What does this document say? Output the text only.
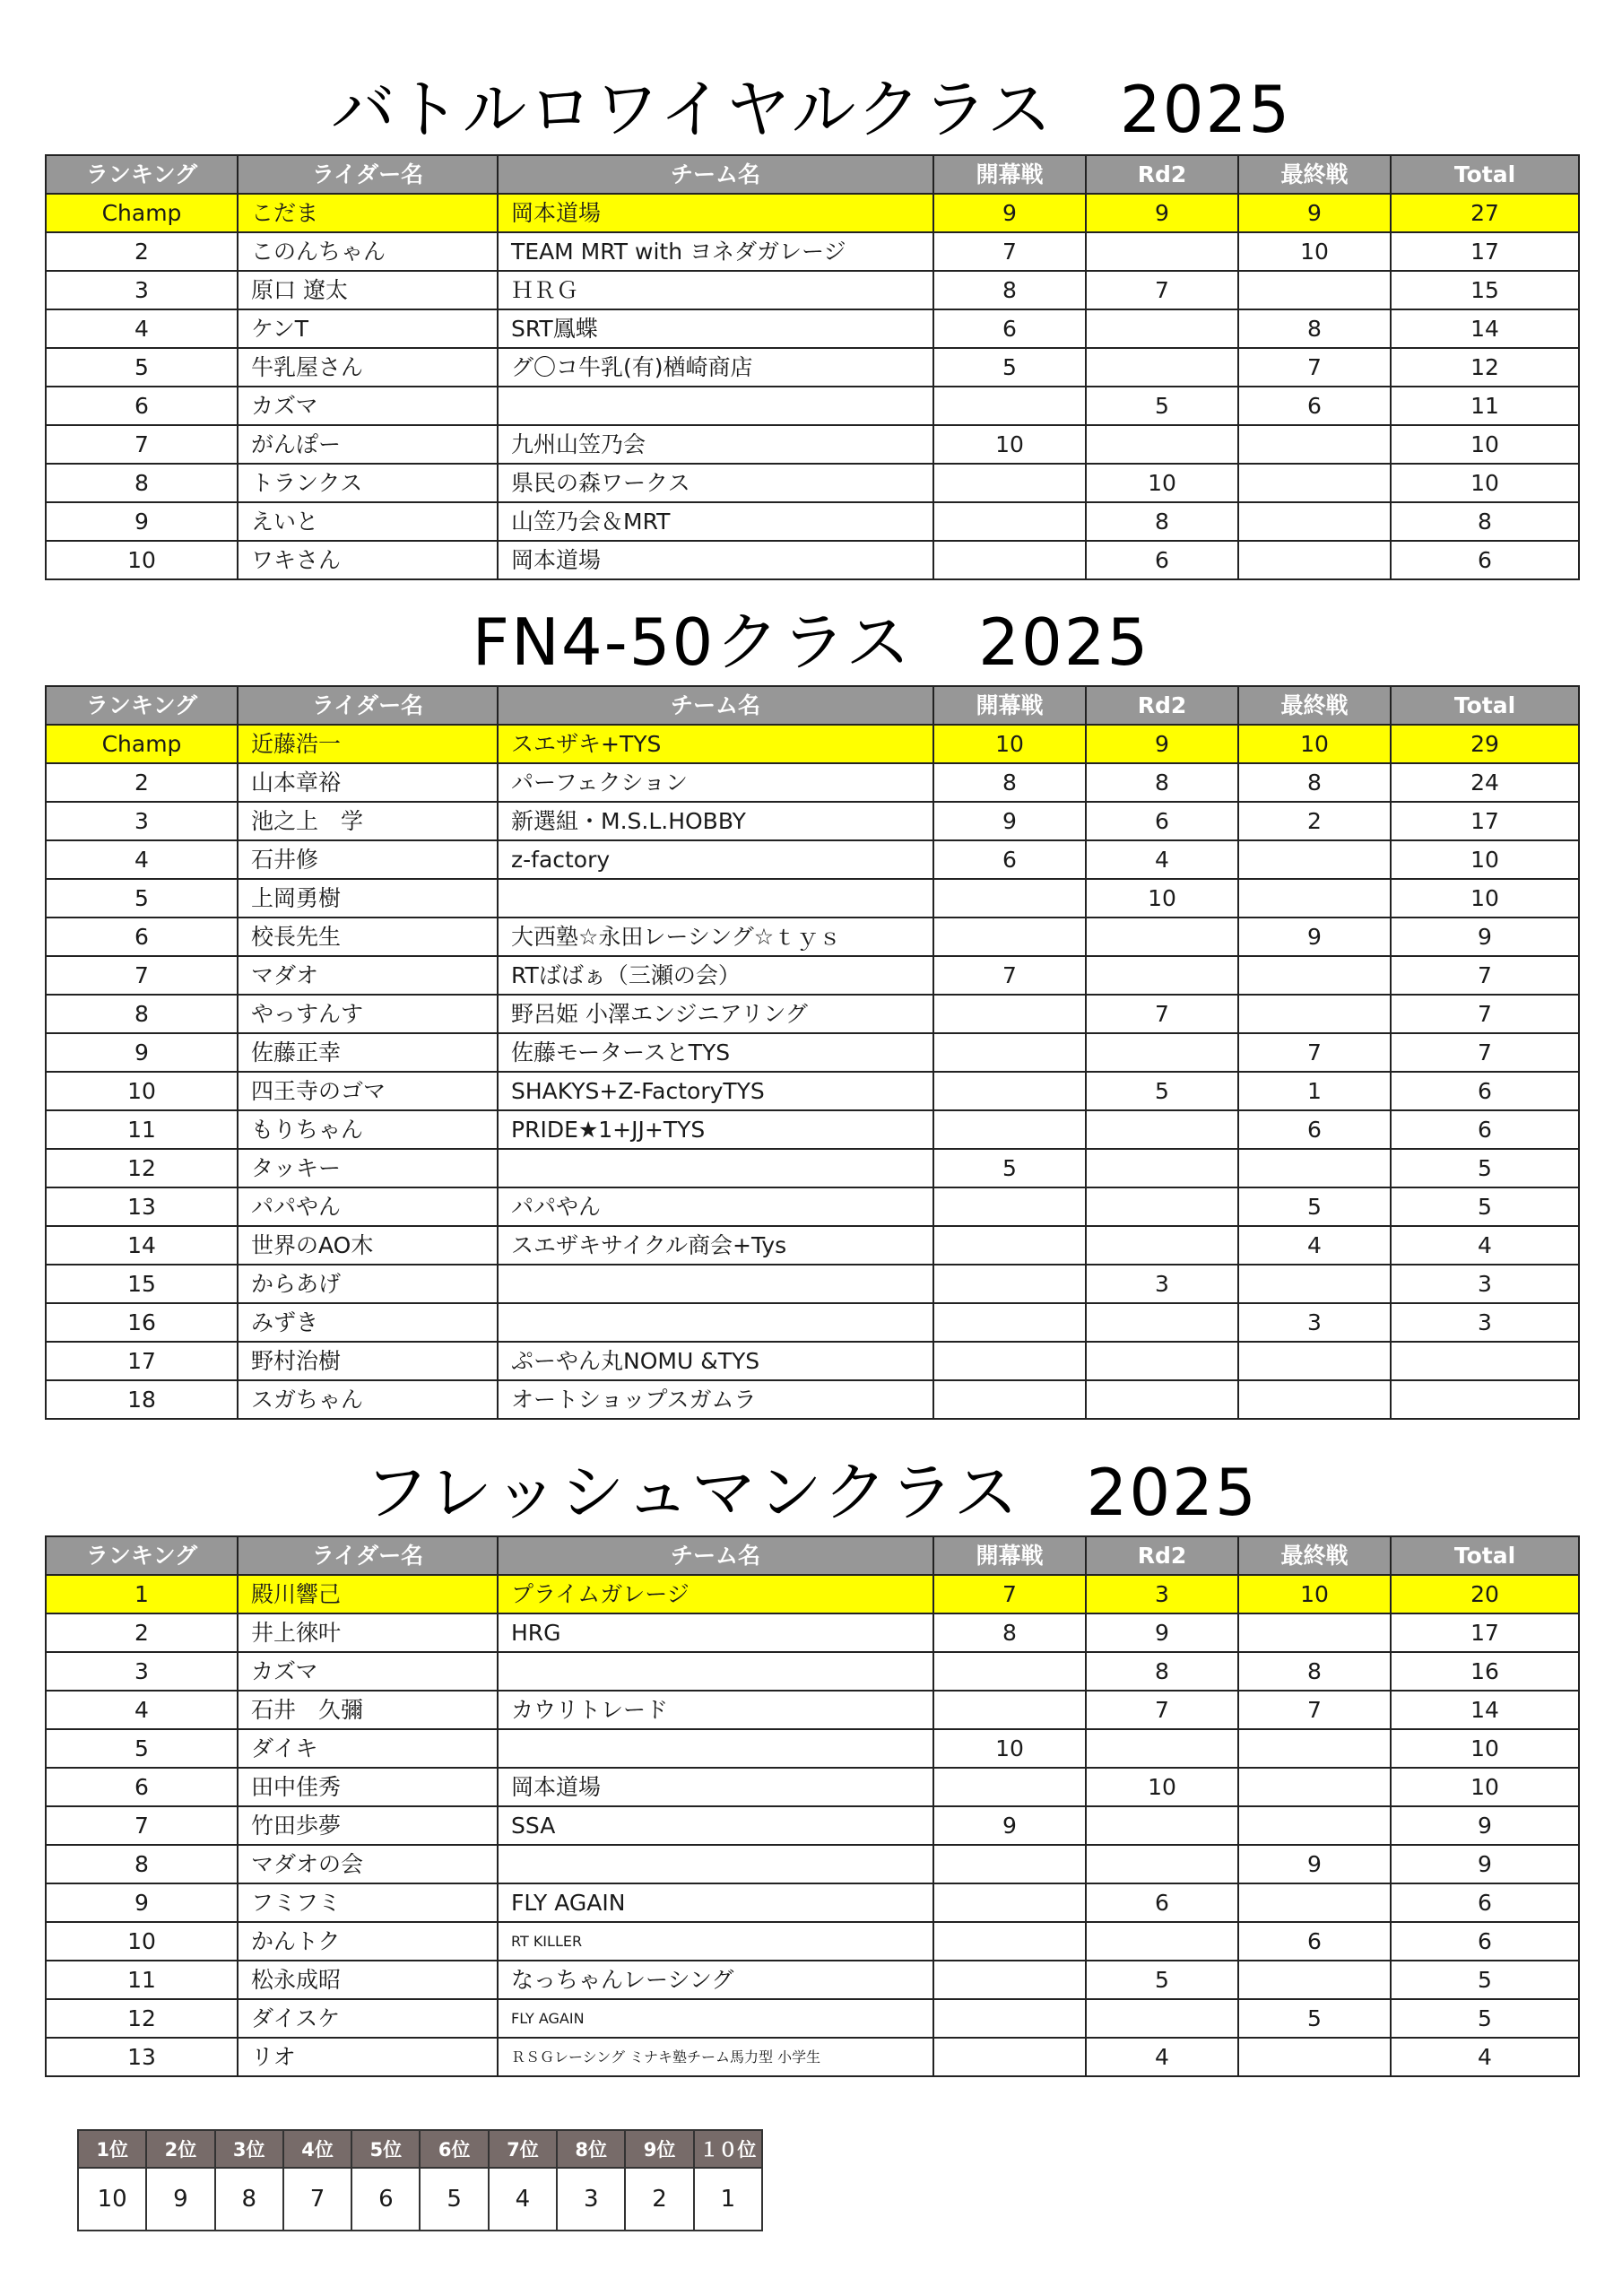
バトルロワイヤルクラス　2025
ランキング	ライダー名	チーム名	開幕戦	Rd2	最終戦	Total
Champ	こだま	岡本道場	9	9	9	27
2	このんちゃん	TEAM MRT with ヨネダガレージ	7		10	17
3	原口 遼太	ＨＲＧ	8	7		15
4	ケンT	SRT鳳蝶	6		8	14
5	牛乳屋さん	グ〇コ牛乳(有)楢崎商店	5		7	12
6	カズマ			5	6	11
7	がんぽー	九州山笠乃会	10			10
8	トランクス	県民の森ワークス		10		10
9	えいと	山笠乃会＆MRT		8		8
10	ワキさん	岡本道場		6		6
FN4-50クラス　2025
ランキング	ライダー名	チーム名	開幕戦	Rd2	最終戦	Total
Champ	近藤浩一	スエザキ+TYS	10	9	10	29
2	山本章裕	パーフェクション	8	8	8	24
3	池之上　学	新選組・M.S.L.HOBBY	9	6	2	17
4	石井修	z-factory	6	4		10
5	上岡勇樹			10		10
6	校長先生	大西塾☆永田レーシング☆ｔｙｓ			9	9
7	マダオ	RTばばぁ（三瀬の会）	7			7
8	やっすんす	野呂姫 小澤エンジニアリング		7		7
9	佐藤正幸	佐藤モータースとTYS			7	7
10	四王寺のゴマ	SHAKYS+Z-FactoryTYS		5	1	6
11	もりちゃん	PRIDE★1+JJ+TYS			6	6
12	タッキー		5			5
13	パパやん	パパやん			5	5
14	世界のAO木	スエザキサイクル商会+Tys			4	4
15	からあげ			3		3
16	みずき				3	3
17	野村治樹	ぷーやん丸NOMU &TYS				
18	スガちゃん	オートショップスガムラ				
フレッシュマンクラス　2025
ランキング	ライダー名	チーム名	開幕戦	Rd2	最終戦	Total
1	殿川響己	プライムガレージ	7	3	10	20
2	井上徠叶	HRG	8	9		17
3	カズマ			8	8	16
4	石井　久彌	カウリトレード		7	7	14
5	ダイキ		10			10
6	田中佳秀	岡本道場		10		10
7	竹田歩夢	SSA	9			9
8	マダオの会				9	9
9	フミフミ	FLY AGAIN		6		6
10	かんトク	RT KILLER			6	6
11	松永成昭	なっちゃんレーシング		5		5
12	ダイスケ	FLY AGAIN			5	5
13	リオ	ＲＳＧレーシング ミナキ塾チーム馬力型 小学生		4		4
1位	2位	3位	4位	5位	6位	7位	8位	9位	１０位
10	9	8	7	6	5	4	3	2	1
